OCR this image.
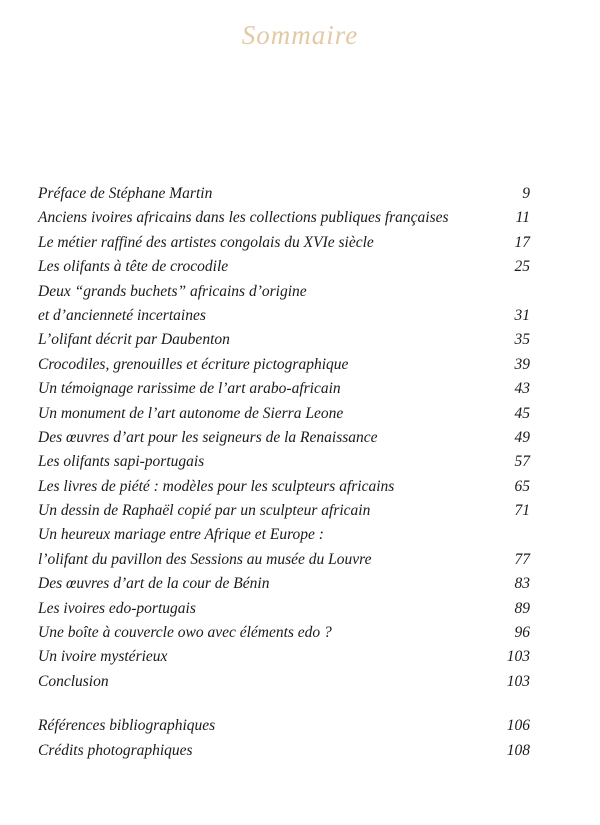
Sommaire
Préface de Stéphane Martin	9
Anciens ivoires africains dans les collections publiques françaises	11
Le métier raffiné des artistes congolais du XVIe siècle	17
Les olifants à tête de crocodile	25
Deux “grands buchets” africains d’origine
et d’ancienneté incertaines	31
L’olifant décrit par Daubenton	35
Crocodiles, grenouilles et écriture pictographique	39
Un témoignage rarissime de l’art arabo-africain	43
Un monument de l’art autonome de Sierra Leone	45
Des œuvres d’art pour les seigneurs de la Renaissance	49
Les olifants sapi-portugais	57
Les livres de piété : modèles pour les sculpteurs africains	65
Un dessin de Raphaël copié par un sculpteur africain	71
Un heureux mariage entre Afrique et Europe :
l’olifant du pavillon des Sessions au musée du Louvre	77
Des œuvres d’art de la cour de Bénin	83
Les ivoires edo-portugais	89
Une boîte à couvercle owo avec éléments edo ?	96
Un ivoire mystérieux	103
Conclusion	103
Références bibliographiques	106
Crédits photographiques	108
